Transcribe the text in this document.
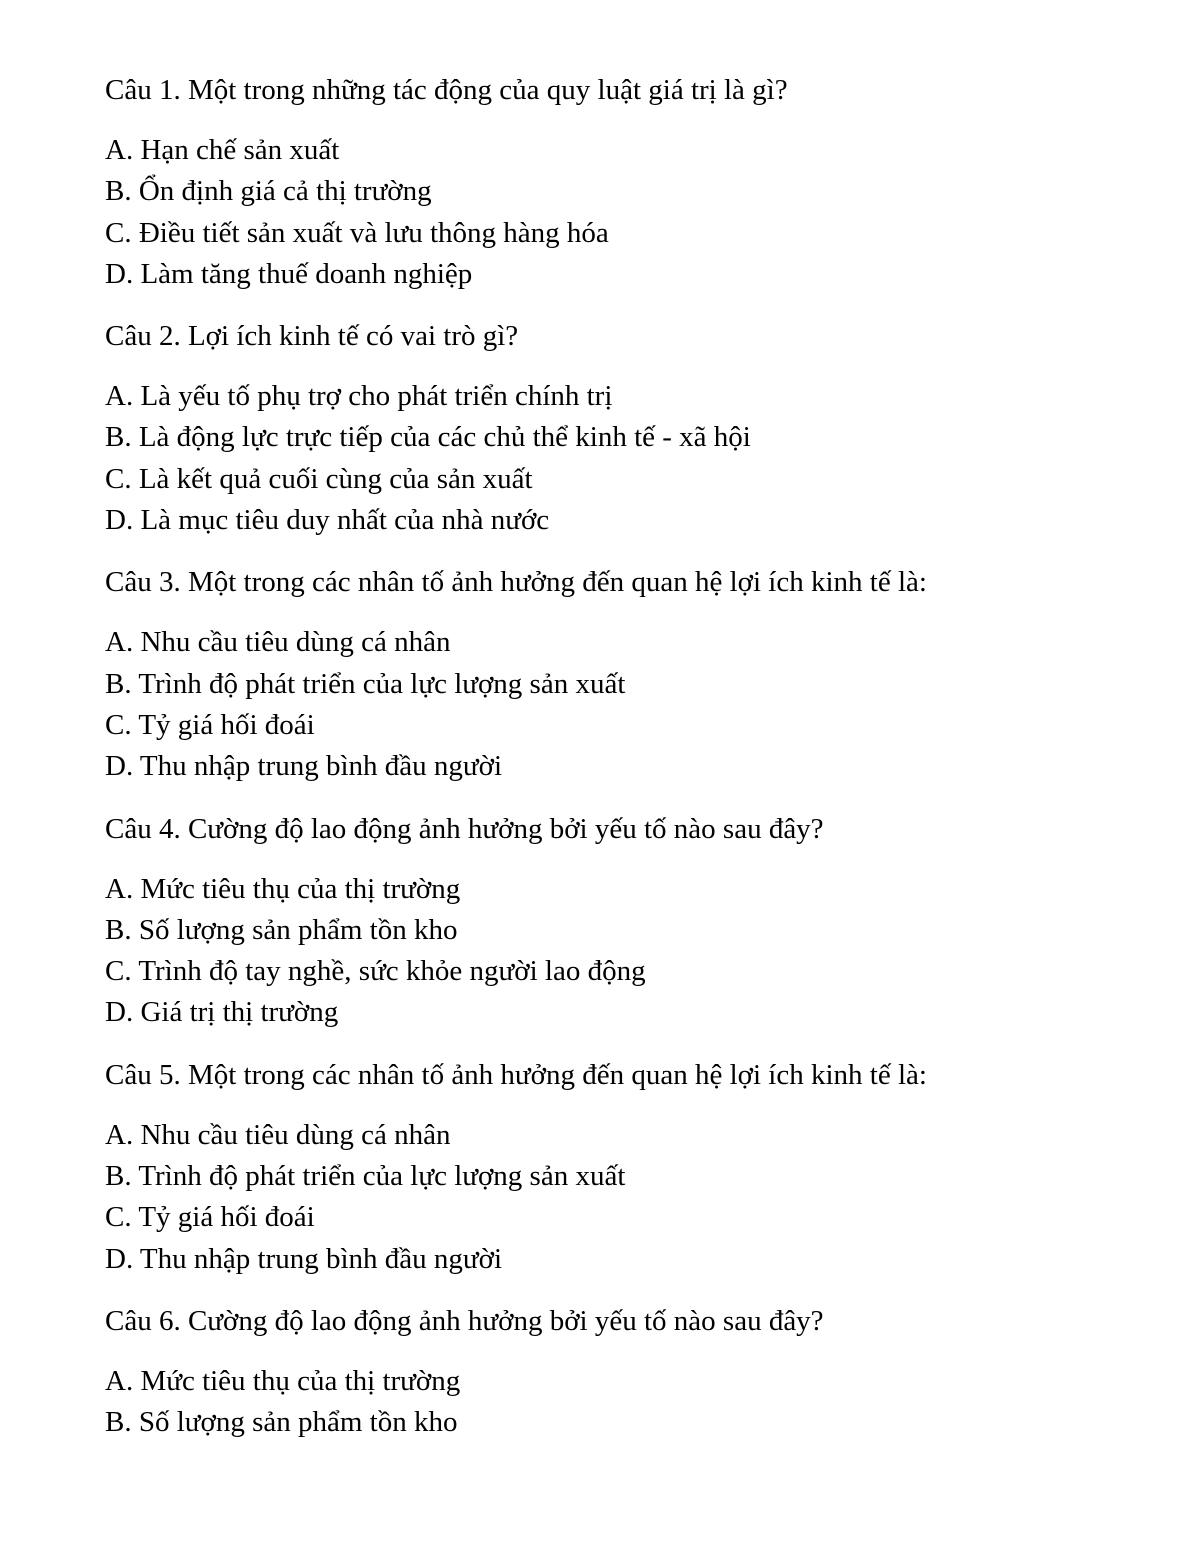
Câu 1. Một trong những tác động của quy luật giá trị là gì?

A. Hạn chế sản xuất
B. Ổn định giá cả thị trường
C. Điều tiết sản xuất và lưu thông hàng hóa
D. Làm tăng thuế doanh nghiệp

Câu 2. Lợi ích kinh tế có vai trò gì?

A. Là yếu tố phụ trợ cho phát triển chính trị
B. Là động lực trực tiếp của các chủ thể kinh tế - xã hội
C. Là kết quả cuối cùng của sản xuất
D. Là mục tiêu duy nhất của nhà nước

Câu 3. Một trong các nhân tố ảnh hưởng đến quan hệ lợi ích kinh tế là:

A. Nhu cầu tiêu dùng cá nhân
B. Trình độ phát triển của lực lượng sản xuất
C. Tỷ giá hối đoái
D. Thu nhập trung bình đầu người

Câu 4. Cường độ lao động ảnh hưởng bởi yếu tố nào sau đây?

A. Mức tiêu thụ của thị trường
B. Số lượng sản phẩm tồn kho
C. Trình độ tay nghề, sức khỏe người lao động
D. Giá trị thị trường

Câu 5. Một trong các nhân tố ảnh hưởng đến quan hệ lợi ích kinh tế là:

A. Nhu cầu tiêu dùng cá nhân
B. Trình độ phát triển của lực lượng sản xuất
C. Tỷ giá hối đoái
D. Thu nhập trung bình đầu người

Câu 6. Cường độ lao động ảnh hưởng bởi yếu tố nào sau đây?

A. Mức tiêu thụ của thị trường
B. Số lượng sản phẩm tồn kho
